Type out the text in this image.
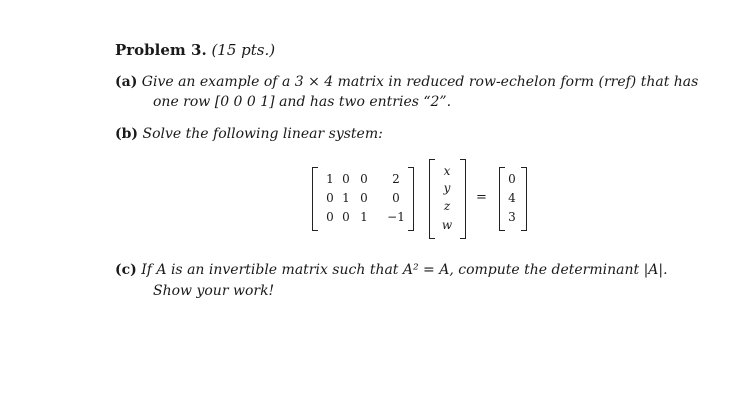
Problem 3. (15 pts.)
(a) Give an example of a 3 × 4 matrix in reduced row-echelon form (rref) that has
one row [0 0 0 1] and has two entries “2”.
(b) Solve the following linear system:
1 0 0 2
0 1 0 0
0 0 1 −1
x
y
z
w
=
0
4
3
(c) If A is an invertible matrix such that A² = A, compute the determinant |A|.
Show your work!
